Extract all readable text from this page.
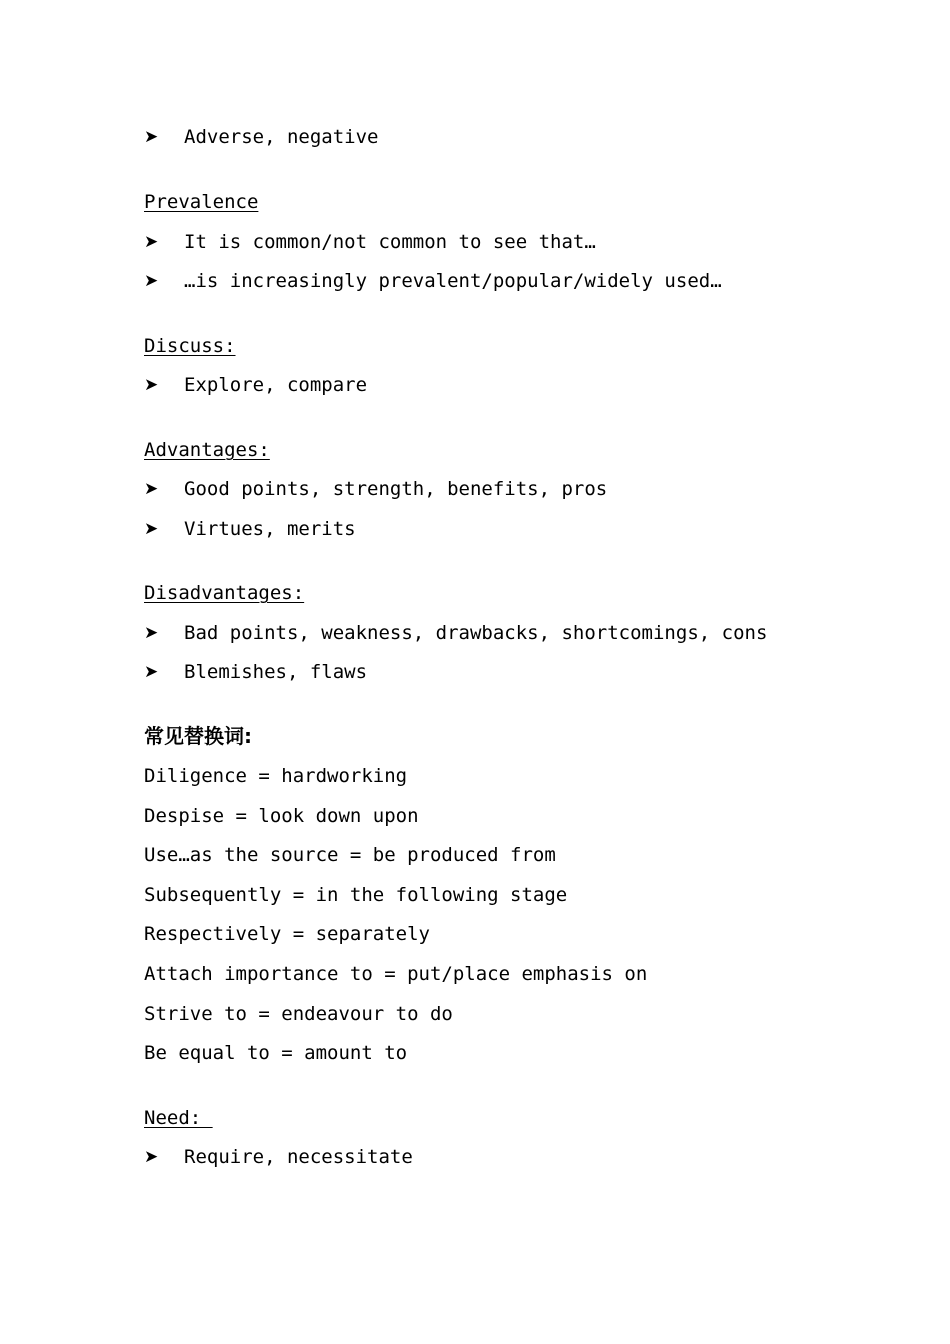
➤	Adverse, negative
Prevalence
➤	It is common/not common to see that…
➤	…is increasingly prevalent/popular/widely used…
Discuss:
➤	Explore, compare
Advantages:
➤	Good points, strength, benefits, pros
➤	Virtues, merits
Disadvantages:
➤	Bad points, weakness, drawbacks, shortcomings, cons
➤	Blemishes, flaws
常见替换词:
Diligence = hardworking
Despise = look down upon
Use…as the source = be produced from
Subsequently = in the following stage
Respectively = separately
Attach importance to = put/place emphasis on
Strive to = endeavour to do
Be equal to = amount to
Need:
➤	Require, necessitate
